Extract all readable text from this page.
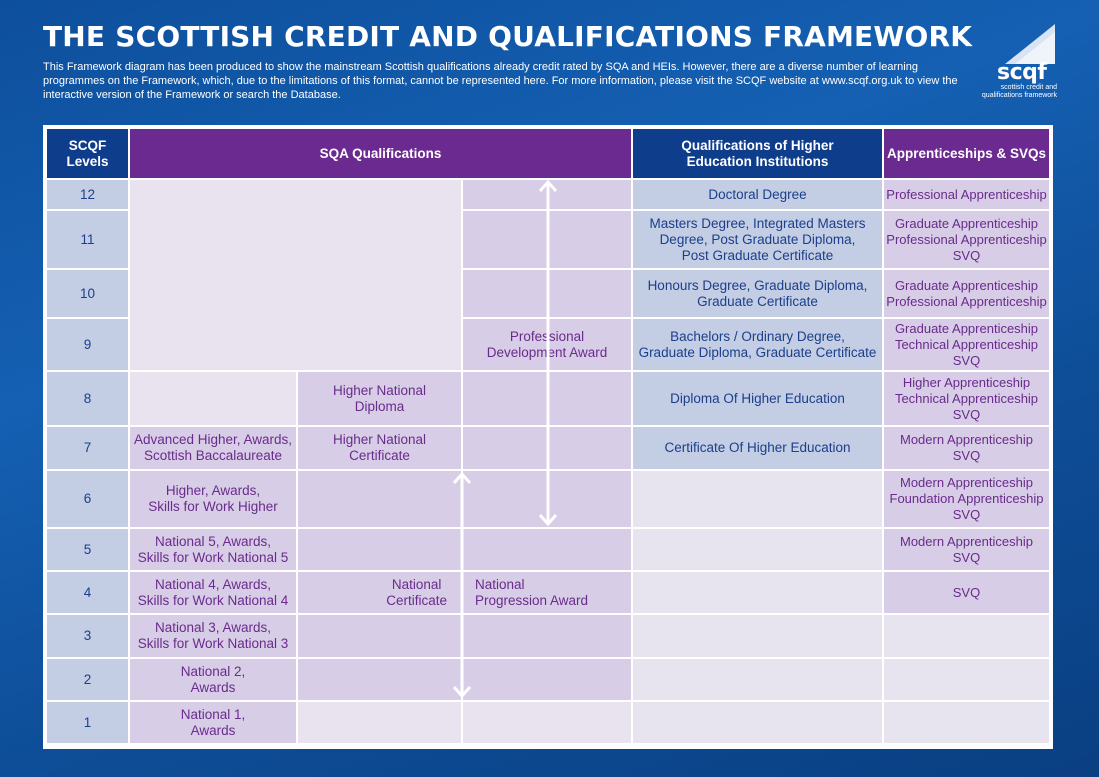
THE SCOTTISH CREDIT AND QUALIFICATIONS FRAMEWORK
This Framework diagram has been produced to show the mainstream Scottish qualifications already credit rated by SQA and HEIs. However, there are a diverse number of learning programmes on the Framework, which, due to the limitations of this format, cannot be represented here. For more information, please visit the SCQF website at www.scqf.org.uk to view the interactive version of the Framework or search the Database.
scqf
scottish credit and
qualifications framework
SCQF
Levels
SQA Qualifications
Qualifications of Higher
Education Institutions
Apprenticeships & SVQs
12
11
10
9
8
7
6
5
4
3
2
1
Professional
Development Award
Higher National
Diploma
Advanced Higher, Awards,
Scottish Baccalaureate
Higher National
Certificate
Higher, Awards,
Skills for Work Higher
National 5, Awards,
Skills for Work National 5
National 4, Awards,
Skills for Work National 4
National 3, Awards,
Skills for Work National 3
National 2,
Awards
National 1,
Awards
National
Certificate
National
Progression Award
Doctoral Degree
Masters Degree, Integrated Masters
Degree, Post Graduate Diploma,
Post Graduate Certificate
Honours Degree, Graduate Diploma,
Graduate Certificate
Bachelors / Ordinary Degree,
Graduate Diploma, Graduate Certificate
Diploma Of Higher Education
Certificate Of Higher Education
Professional Apprenticeship
Graduate Apprenticeship
Professional Apprenticeship
SVQ
Graduate Apprenticeship
Professional Apprenticeship
Graduate Apprenticeship
Technical Apprenticeship
SVQ
Higher Apprenticeship
Technical Apprenticeship
SVQ
Modern Apprenticeship
SVQ
Modern Apprenticeship
Foundation Apprenticeship
SVQ
Modern Apprenticeship
SVQ
SVQ
